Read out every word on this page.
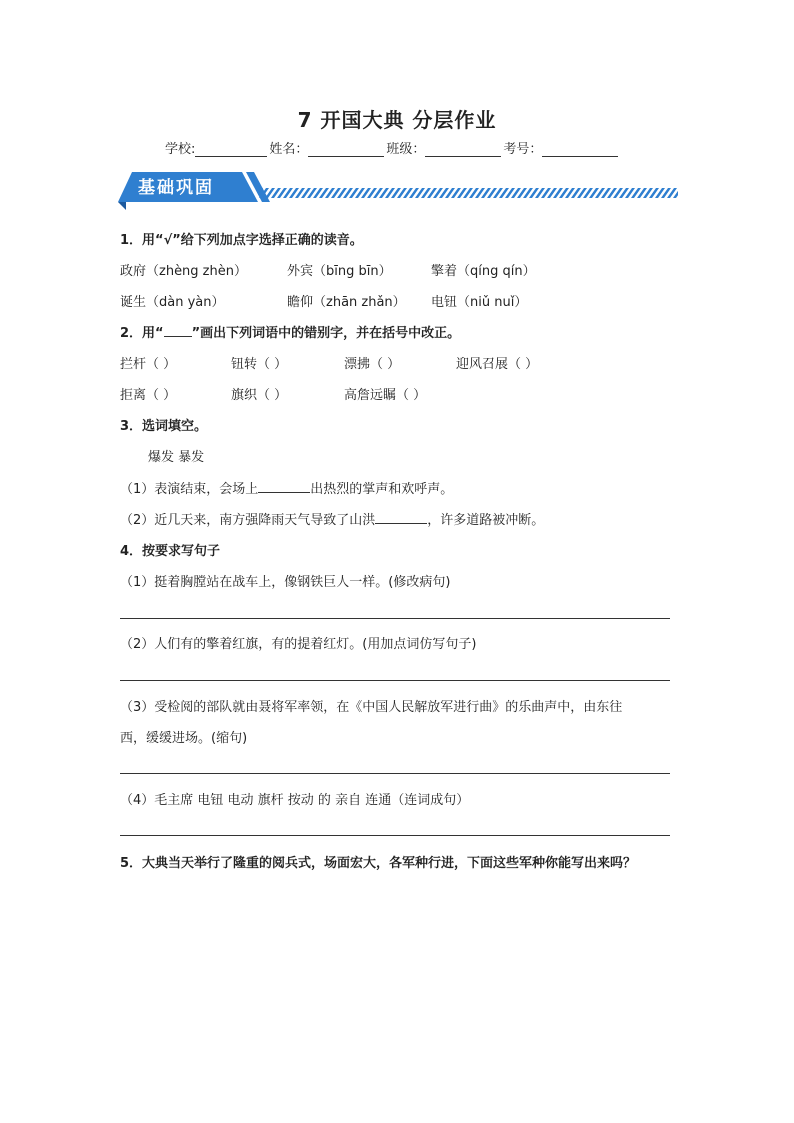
7 开国大典 分层作业
学校:	姓名：	班级：	考号：
基础巩固
1．用“√”给下列加点字选择正确的读音。
政府（zhèng zhèn）	外宾（bīng bīn）	擎着（qíng qín）
诞生（dàn yàn）	瞻仰（zhān zhǎn） 电钮（niǔ nuǐ）
2．用“ ”画出下列词语中的错别字，并在括号中改正。
拦杆（ ）	钮转（ ）	漂拂（ ）	迎风召展（ ）
拒离（ ）	旗织（ ）	高詹远瞩（ ）
3．选词填空。
爆发 暴发
（1）表演结束，会场上	出热烈的掌声和欢呼声。
（2）近几天来，南方强降雨天气导致了山洪	，许多道路被冲断。
4．按要求写句子
（1）挺着胸膛站在战车上，像钢铁巨人一样。(修改病句)
（2）人们有的擎着红旗，有的提着红灯。(用加点词仿写句子)
（3）受检阅的部队就由聂将军率领，在《中国人民解放军进行曲》的乐曲声中，由东往
西，缓缓进场。(缩句)
（4）毛主席 电钮 电动 旗杆 按动 的 亲自 连通（连词成句）
5．大典当天举行了隆重的阅兵式，场面宏大，各军种行进，下面这些军种你能写出来吗？
